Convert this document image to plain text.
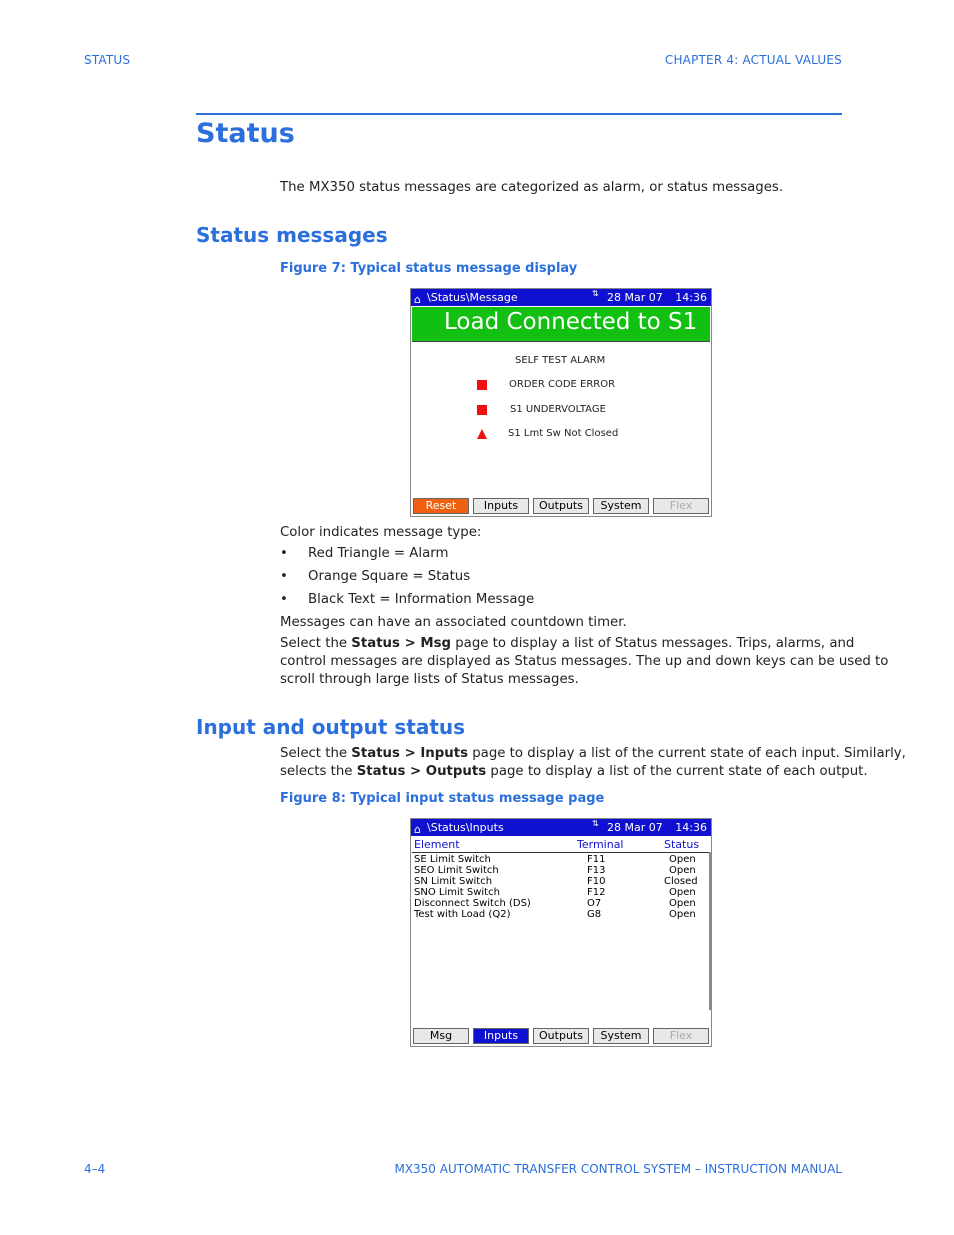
STATUS	CHAPTER 4: ACTUAL VALUES
Status
The MX350 status messages are categorized as alarm, or status messages.
Status messages
Figure 7: Typical status message display
⌂ \Status\Message	⇅ 28 Mar 07 14:36
Load Connected to S1
SELF TEST ALARM
ORDER CODE ERROR
S1 UNDERVOLTAGE
S1 Lmt Sw Not Closed
Reset	Inputs	Outputs	System	Flex
Color indicates message type:
• Red Triangle = Alarm
• Orange Square = Status
• Black Text = Information Message
Messages can have an associated countdown timer.
Select the Status > Msg page to display a list of Status messages. Trips, alarms, and
control messages are displayed as Status messages. The up and down keys can be used to
scroll through large lists of Status messages.
Input and output status
Select the Status > Inputs page to display a list of the current state of each input. Similarly,
selects the Status > Outputs page to display a list of the current state of each output.
Figure 8: Typical input status message page
⌂ \Status\Inputs	⇅ 28 Mar 07 14:36
Element	Terminal	Status
SE Limit Switch	F11	Open
SEO Limit Switch	F13	Open
SN Limit Switch	F10	Closed
SNO Limit Switch	F12	Open
Disconnect Switch (DS)	O7	Open
Test with Load (Q2)	G8	Open
Msg	Inputs	Outputs	System	Flex
4–4	MX350 AUTOMATIC TRANSFER CONTROL SYSTEM – INSTRUCTION MANUAL
